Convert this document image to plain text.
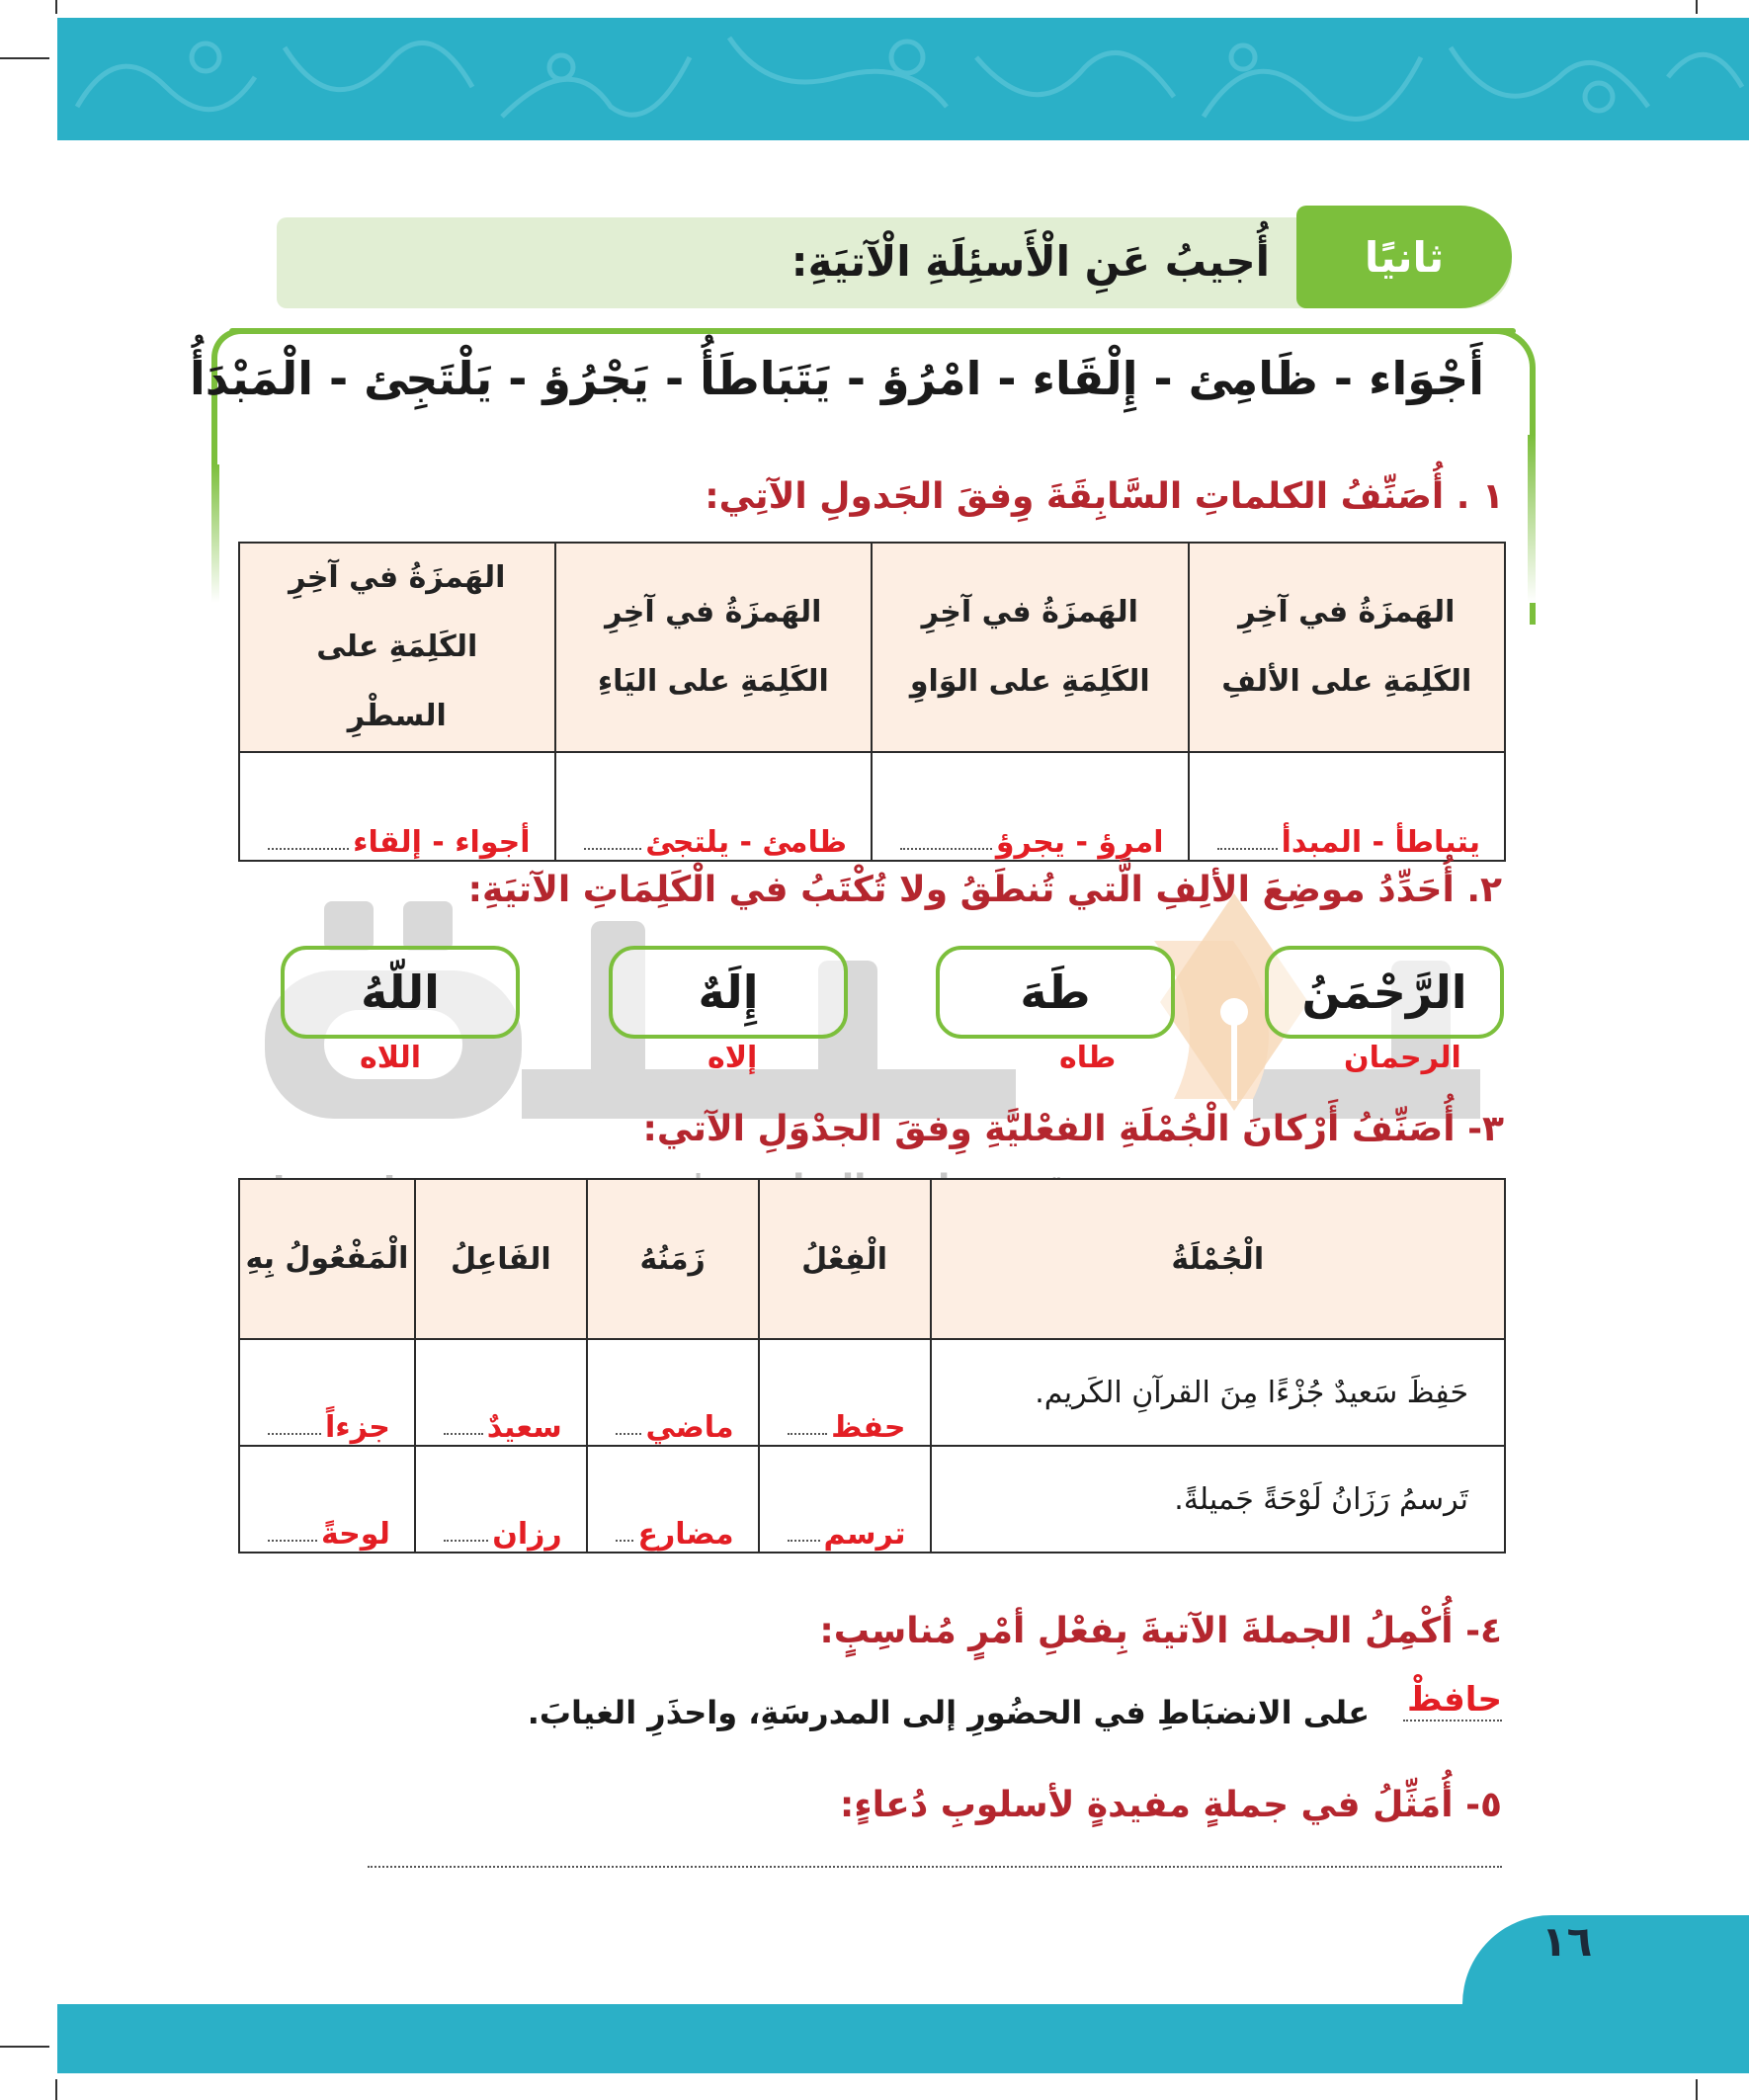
ثانيًا
أُجيبُ عَنِ الْأَسئِلَةِ الْآتيَةِ:
أَجْوَاء - ظَامِئ - إِلْقَاء - امْرُؤ - يَتَبَاطَأُ - يَجْرُؤ - يَلْتَجِئ - الْمَبْدَأُ
١ . أُصَنِّفُ الكلماتِ السَّابِقَةَ وِفقَ الجَدولِ الآتِي:
الهَمزَةُ في آخِرِ الكَلِمَةِ على الألفِ	الهَمزَةُ في آخِرِ الكَلِمَةِ على الوَاوِ	الهَمزَةُ في آخِرِ الكَلِمَةِ على اليَاءِ	الهَمزَةُ في آخِرِ الكَلِمَةِ على السطْرِ

يتباطأ - المبدأ	امرؤ - يجرؤ	ظامئ - يلتجئ	أجواء - إلقاء
٢. أُحَدِّدُ موضِعَ الألِفِ الَّتي تُنطَقُ ولا تُكْتَبُ في الْكَلِمَاتِ الآتيَةِ:
الرَّحْمَنُ
طَهَ
إِلَهٌ
اللّهُ
الرحمان
طاه
إلاه
اللاه
٣- أُصَنِّفُ أَرْكانَ الْجُمْلَةِ الفعْليَّةِ وِفقَ الجدْوَلِ الآتي:
الْجُمْلَةُ	الْفِعْلُ	زَمَنُهُ	الفَاعِلُ	الْمَفْعُولُ بِهِ
حَفِظَ سَعيدٌ جُزْءًا مِنَ القرآنِ الكَريم.	حفظ	ماضي	سعيدٌ	جزءاً

تَرسمُ رَزَانُ لَوْحَةً جَميلةً.	ترسم	مضارع	رزان	لوحةً
٤- أُكْمِلُ الجملةَ الآتيةَ بِفعْلِ أمْرٍ مُناسِبٍ:
حافظْ
على الانضبَاطِ في الحضُورِ إلى المدرسَةِ، واحذَرِ الغيابَ.
٥- أُمَثِّلُ في جملةٍ مفيدةٍ لأسلوبِ دُعاءٍ:
١٦
